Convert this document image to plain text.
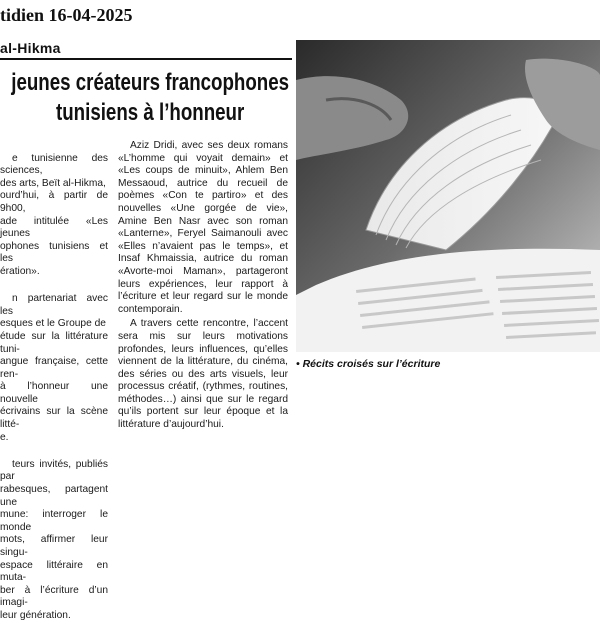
tidien 16-04-2025
al-Hikma
jeunes créateurs francophones
tunisiens à l’honneur

e tunisienne des sciences,
des arts, Beït al-Hikma,
ourd’hui, à partir de 9h00,
ade intitulée «Les jeunes
ophones tunisiens et les
ération».

n partenariat avec les
esques et le Groupe de
étude sur la littérature tuni-
angue française, cette ren-
à l’honneur une nouvelle
écrivains sur la scène litté-
e.

teurs invités, publiés par
rabesques, partagent une
mune: interroger le monde
mots, affirmer leur singu-
espace littéraire en muta-
ber à l’écriture d’un imagi-
leur génération.

Aziz Dridi, avec ses deux romans «L’homme qui voyait demain» et «Les coups de minuit», Ahlem Ben Messaoud, autrice du recueil de poèmes «Con te partiro» et des nouvelles «Une gorgée de vie», Amine Ben Nasr avec son roman «Lanterne», Feryel Saimanouli avec «Elles n’avaient pas le temps», et Insaf Khmaissia, autrice du roman «Avorte-moi Maman», partageront leurs expériences, leur rapport à l’écriture et leur regard sur le monde contemporain.

A travers cette rencontre, l’accent sera mis sur leurs motivations profondes, leurs influences, qu’elles viennent de la littérature, du cinéma, des séries ou des arts visuels, leur processus créatif, (rythmes, routines, méthodes…) ainsi que sur le regard qu’ils portent sur leur époque et la littérature d’aujourd’hui.

• Récits croisés sur l’écriture
